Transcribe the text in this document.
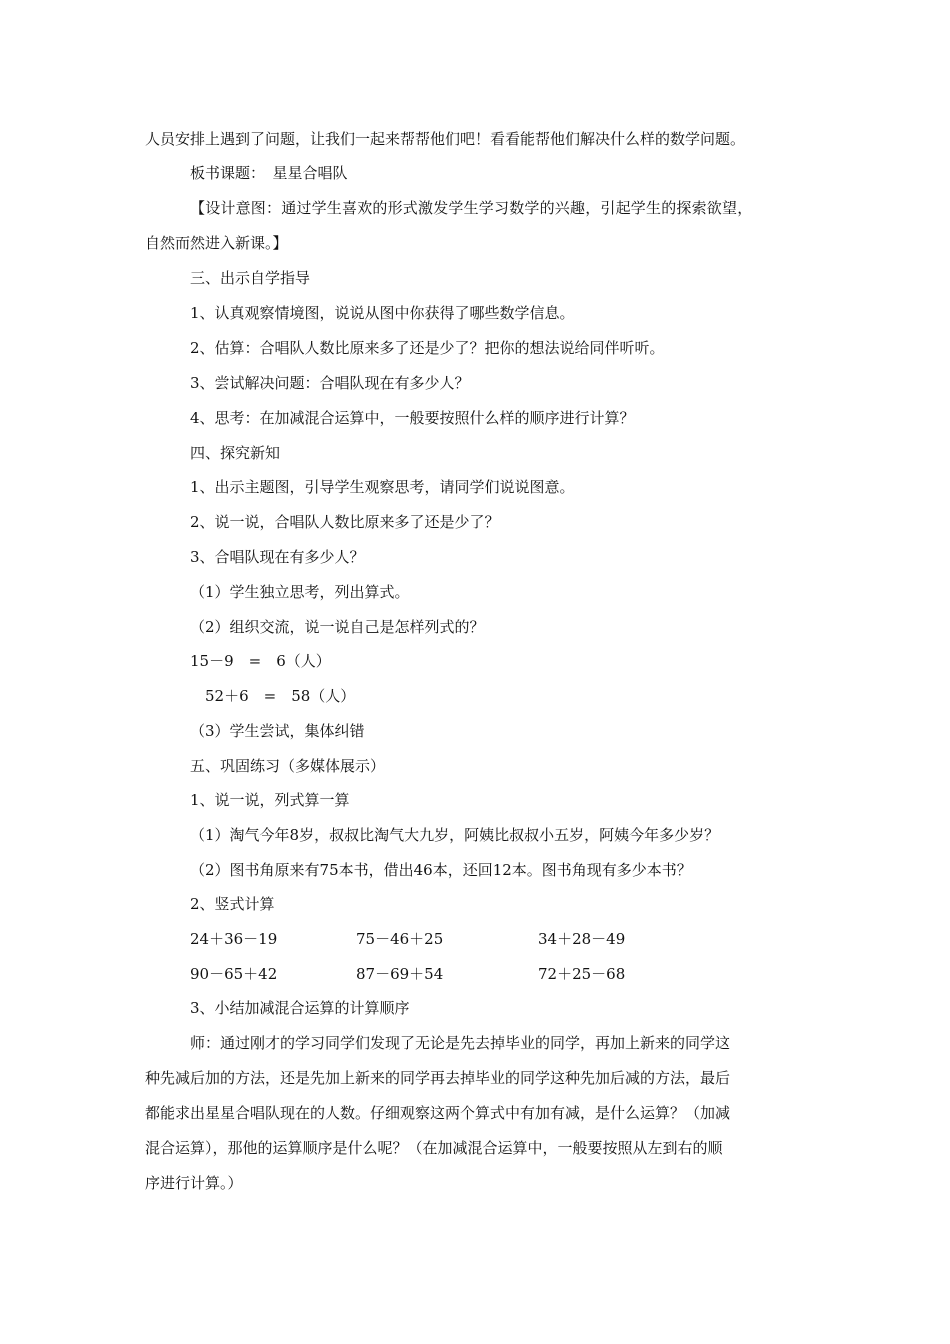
人员安排上遇到了问题，让我们一起来帮帮他们吧！看看能帮他们解决什么样的数学问题。
板书课题：　星星合唱队
【设计意图：通过学生喜欢的形式激发学生学习数学的兴趣，引起学生的探索欲望，
自然而然进入新课。】
三、出示自学指导
1、认真观察情境图，说说从图中你获得了哪些数学信息。
2、估算：合唱队人数比原来多了还是少了？把你的想法说给同伴听听。
3、尝试解决问题：合唱队现在有多少人？
4、思考：在加减混合运算中，一般要按照什么样的顺序进行计算？
四、探究新知
1、出示主题图，引导学生观察思考，请同学们说说图意。
2、说一说，合唱队人数比原来多了还是少了？
3、合唱队现在有多少人？
（1）学生独立思考，列出算式。
（2）组织交流，说一说自己是怎样列式的？
15－9　=　6（人）
52＋6　=　58（人）
（3）学生尝试，集体纠错
五、巩固练习（多媒体展示）
1、说一说，列式算一算
（1）淘气今年8岁，叔叔比淘气大九岁，阿姨比叔叔小五岁，阿姨今年多少岁？
（2）图书角原来有75本书，借出46本，还回12本。图书角现有多少本书？
2、竖式计算
24＋36－19	75－46＋25	34＋28－49
90－65＋42	87－69＋54	72＋25－68
3、小结加减混合运算的计算顺序
师：通过刚才的学习同学们发现了无论是先去掉毕业的同学，再加上新来的同学这
种先减后加的方法，还是先加上新来的同学再去掉毕业的同学这种先加后减的方法，最后
都能求出星星合唱队现在的人数。仔细观察这两个算式中有加有减，是什么运算？（加减
混合运算），那他的运算顺序是什么呢？（在加减混合运算中，一般要按照从左到右的顺
序进行计算。）
